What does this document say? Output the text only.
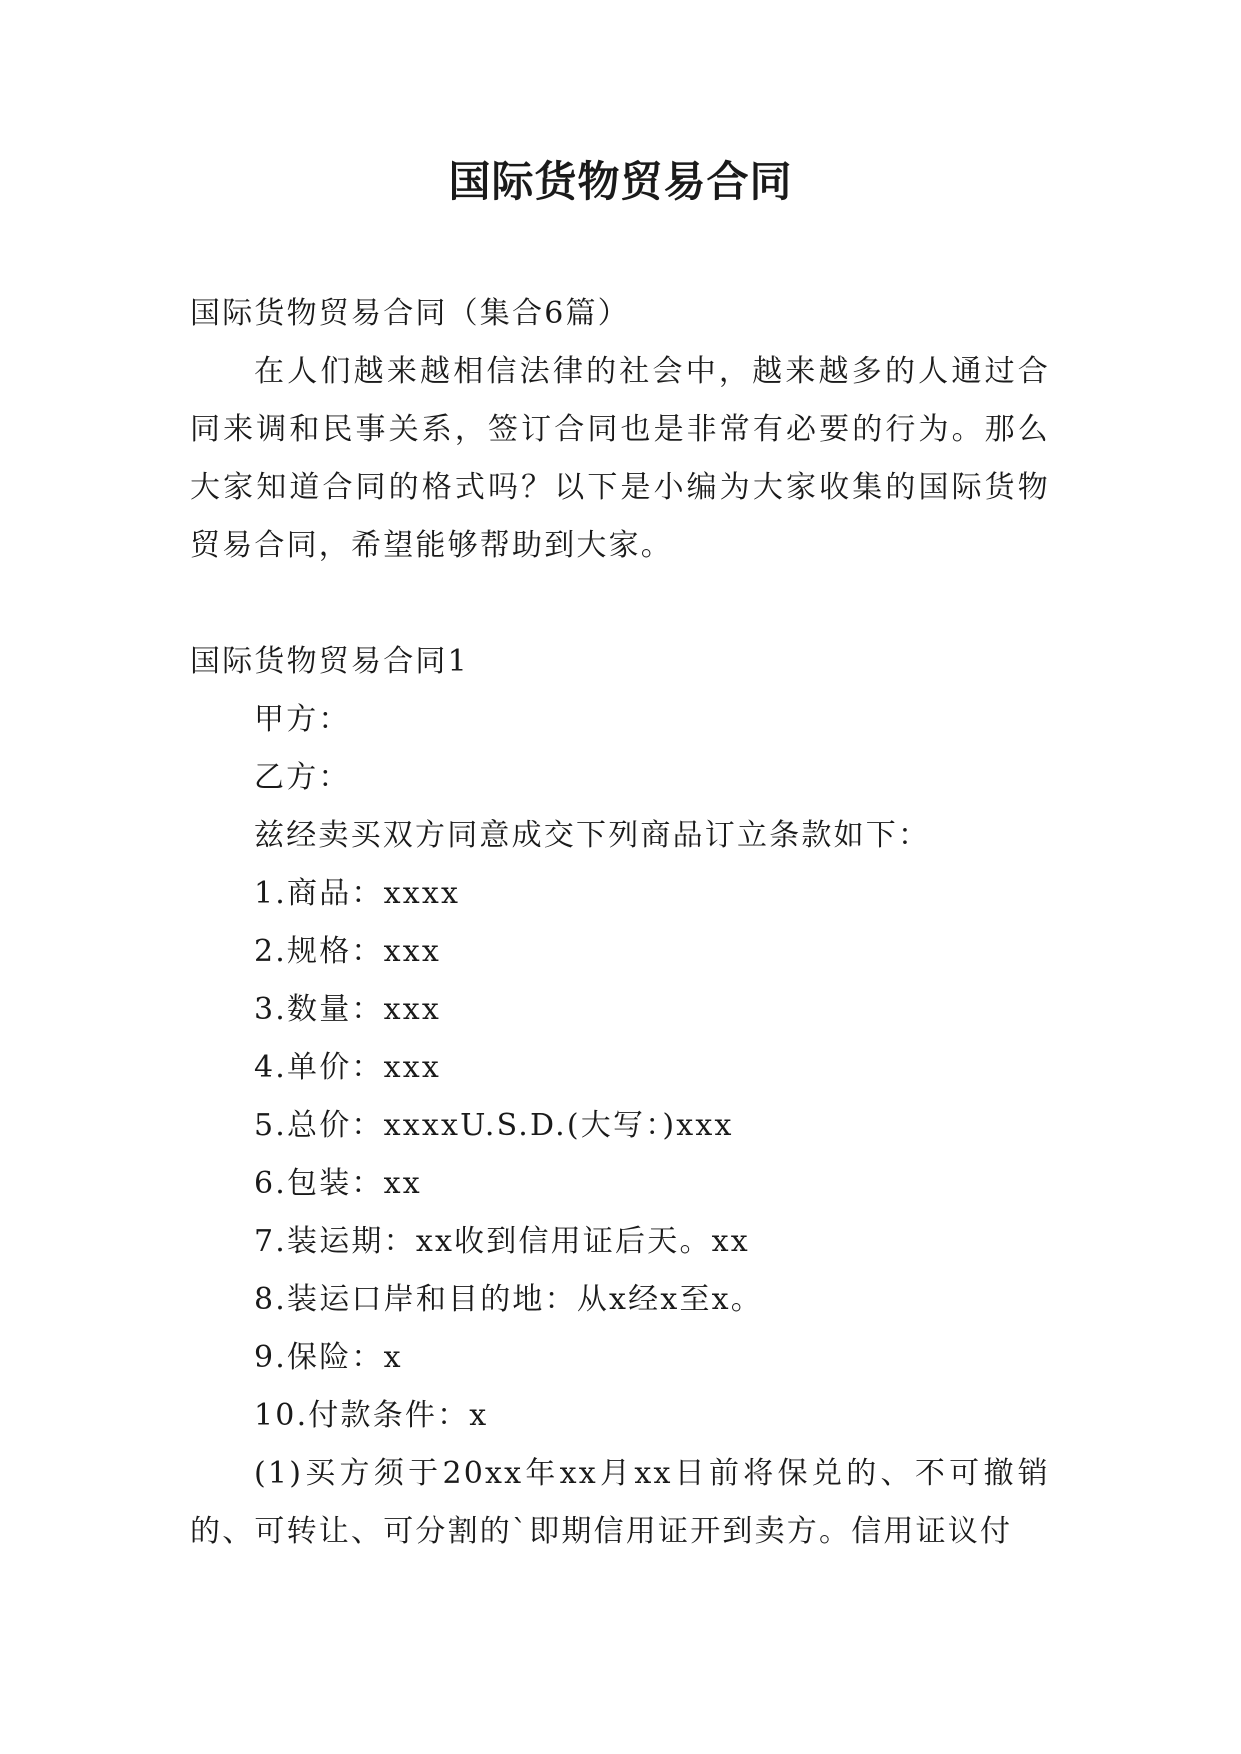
国际货物贸易合同

国际货物贸易合同（集合6篇）

在人们越来越相信法律的社会中，越来越多的人通过合同来调和民事关系，签订合同也是非常有必要的行为。那么大家知道合同的格式吗？以下是小编为大家收集的国际货物贸易合同，希望能够帮助到大家。

国际货物贸易合同1

甲方：

乙方：

兹经卖买双方同意成交下列商品订立条款如下：

1.商品：xxxx

2.规格：xxx

3.数量：xxx

4.单价：xxx

5.总价：xxxxU.S.D.(大写：)xxx

6.包装：xx

7.装运期：xx收到信用证后天。xx

8.装运口岸和目的地：从x经x至x。

9.保险：x

10.付款条件：x

(1)买方须于20xx年xx月xx日前将保兑的、不可撤销的、可转让、可分割的`即期信用证开到卖方。信用证议付
